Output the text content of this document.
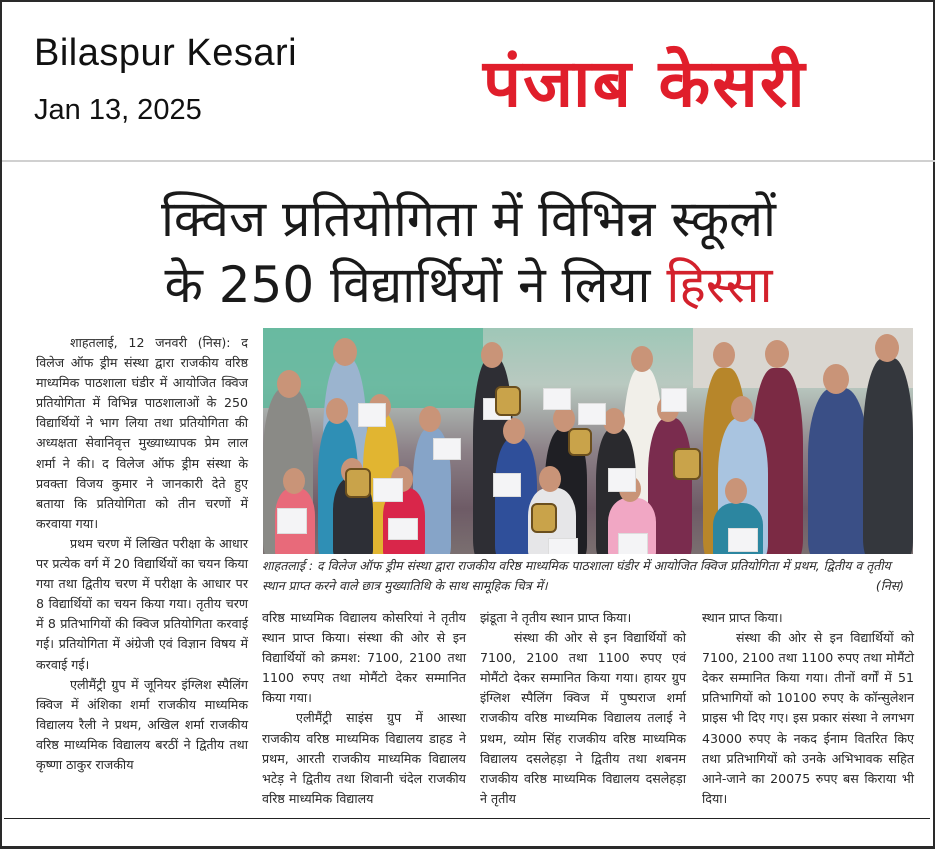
Bilaspur Kesari
Jan 13, 2025	पंजाब केसरी
क्विज प्रतियोगिता में विभिन्न स्कूलों
के 250 विद्यार्थियों ने लिया हिस्सा

शाहतलाई, 12 जनवरी (निस): द विलेज ऑफ ड्रीम संस्था द्वारा राजकीय वरिष्ठ माध्यमिक पाठशाला घंडीर में आयोजित क्विज प्रतियोगिता में विभिन्न पाठशालाओं के 250 विद्यार्थियों ने भाग लिया तथा प्रतियोगिता की अध्यक्षता सेवानिवृत्त मुख्याध्यापक प्रेम लाल शर्मा ने की। द विलेज ऑफ ड्रीम संस्था के प्रवक्ता विजय कुमार ने जानकारी देते हुए बताया कि प्रतियोगिता को तीन चरणों में करवाया गया।

प्रथम चरण में लिखित परीक्षा के आधार पर प्रत्येक वर्ग में 20 विद्यार्थियों का चयन किया गया तथा द्वितीय चरण में परीक्षा के आधार पर 8 विद्यार्थियों का चयन किया गया। तृतीय चरण में 8 प्रतिभागियों की क्विज प्रतियोगिता करवाई गई। प्रतियोगिता में अंग्रेजी एवं विज्ञान विषय में करवाई गई।

एलीमैंट्री ग्रुप में जूनियर इंग्लिश स्पैलिंग क्विज में अंशिका शर्मा राजकीय माध्यमिक विद्यालय रैली ने प्रथम, अखिल शर्मा राजकीय वरिष्ठ माध्यमिक विद्यालय बरठीं ने द्वितीय तथा कृष्णा ठाकुर राजकीय

शाहतलाई : द विलेज ऑफ ड्रीम संस्था द्वारा राजकीय वरिष्ठ माध्यमिक पाठशाला घंडीर में आयोजित क्विज प्रतियोगिता में प्रथम, द्वितीय व तृतीय स्थान प्राप्त करने वाले छात्र मुख्यातिथि के साथ सामूहिक चित्र में।	(निस)

वरिष्ठ माध्यमिक विद्यालय कोसरियां ने तृतीय स्थान प्राप्त किया। संस्था की ओर से इन विद्यार्थियों को क्रमश: 7100, 2100 तथा 1100 रुपए तथा मोमैंटो देकर सम्मानित किया गया।

एलीमैंट्री साइंस ग्रुप में आस्था राजकीय वरिष्ठ माध्यमिक विद्यालय डाहड ने प्रथम, आरती राजकीय माध्यमिक विद्यालय भटेड़ ने द्वितीय तथा शिवानी चंदेल राजकीय वरिष्ठ माध्यमिक विद्यालय

झंडूता ने तृतीय स्थान प्राप्त किया।

संस्था की ओर से इन विद्यार्थियों को 7100, 2100 तथा 1100 रुपए एवं मोमैंटो देकर सम्मानित किया गया। हायर ग्रुप इंग्लिश स्पैलिंग क्विज में पुष्पराज शर्मा राजकीय वरिष्ठ माध्यमिक विद्यालय तलाई ने प्रथम, व्योम सिंह राजकीय वरिष्ठ माध्यमिक विद्यालय दसलेहड़ा ने द्वितीय तथा शबनम राजकीय वरिष्ठ माध्यमिक विद्यालय दसलेहड़ा ने तृतीय

स्थान प्राप्त किया।

संस्था की ओर से इन विद्यार्थियों को 7100, 2100 तथा 1100 रुपए तथा मोमैंटो देकर सम्मानित किया गया। तीनों वर्गों में 51 प्रतिभागियों को 10100 रुपए के कॉन्सुलेशन प्राइस भी दिए गए। इस प्रकार संस्था ने लगभग 43000 रुपए के नकद ईनाम वितरित किए तथा प्रतिभागियों को उनके अभिभावक सहित आने-जाने का 20075 रुपए बस किराया भी दिया।
